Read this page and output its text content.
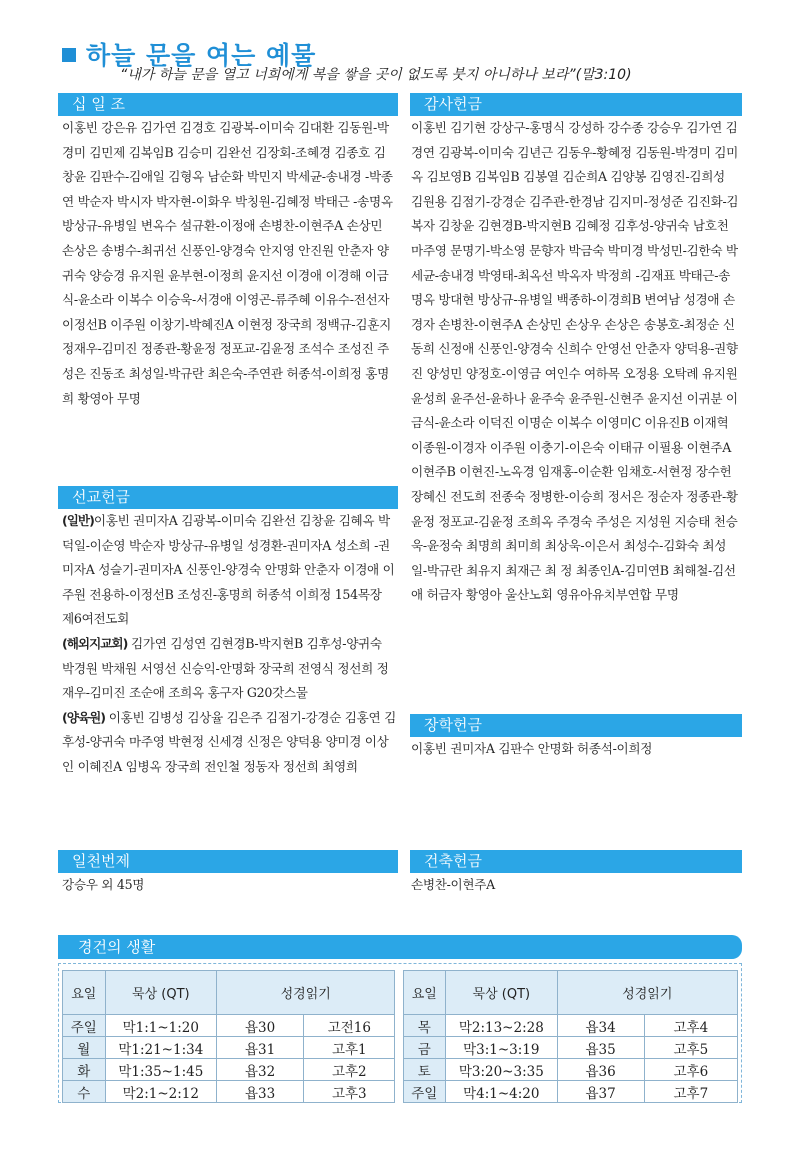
하늘 문을 여는 예물
“내가 하늘 문을 열고 너희에게 복을 쌓을 곳이 없도록 붓지 아니하나 보라”(말3:10)
십 일 조
이홍빈 강은유 김가연 김경호 김광복-이미숙 김대환 김동원-박경미 김민제 김복임B 김승미 김완선 김장회-조혜경 김종호 김창윤 김판수-김애일 김형옥 남순화 박민지 박세균-송내경 -박종연 박순자 박시자 박자현-이화우 박칭원-김혜정 박태근 -송명옥 방상규-유병일 변옥수 설규환-이정애 손병찬-이현주A 손상민 손상은 송병수-최귀선 신풍인-양경숙 안지영 안진원 안춘자 양귀숙 양승경 유지원 윤부현-이정희 윤지선 이경애 이경해 이금식-윤소라 이복수 이승욱-서경애 이영곤-류주혜 이유수-전선자 이정선B 이주원 이창기-박혜진A 이현정 장국희 정백규-김훈지 정재우-김미진 정종관-황윤정 정포교-김윤정 조석수 조성진 주성은 진동조 최성일-박규란 최은숙-주연관 허종석-이희정 홍명희 황영아 무명
감사헌금
이홍빈 김기현 강상구-홍명식 강성하 강수종 강승우 김가연 김경연 김광복-이미숙 김년근 김동우-황혜정 김동원-박경미 김미옥 김보영B 김복임B 김봉열 김순희A 김양봉 김영진-김희성 김원용 김점기-강경순 김주관-한경남 김지미-정성준 김진화-김복자 김창윤 김현경B-박지현B 김혜정 김후성-양귀숙 남호천 마주영 문명기-박소영 문향자 박금숙 박미경 박성민-김한숙 박세균-송내경 박영태-최옥선 박옥자 박정희 -김재표 박태근-송명옥 방대현 방상규-유병일 백종하-이경희B 변여남 성경애 손경자 손병찬-이현주A 손상민 손상우 손상은 송봉호-최정순 신동희 신정애 신풍인-양경숙 신희수 안영선 안춘자 양덕용-권향진 양성민 양정호-이영금 여인수 여하목 오정용 오탁례 유지원 윤성희 윤주선-윤하나 윤주숙 윤주원-신현주 윤지선 이귀분 이금식-윤소라 이덕진 이명순 이복수 이영미C 이유진B 이재혁 이종원-이경자 이주원 이충기-이은숙 이태규 이필용 이현주A 이현주B 이현진-노옥경 임재홍-이순환 임채호-서현정 장수헌 장혜신 전도희 전종숙 정병한-이승희 정서은 정순자 정종관-황윤정 정포교-김윤정 조희옥 주경숙 주성은 지성원 지승태 천승욱-윤정숙 최명희 최미희 최상욱-이은서 최성수-김화숙 최성일-박규란 최유지 최재근 최 정 최종인A-김미연B 최해철-김선애 허금자 황영아 울산노회 영유아유치부연합 무명
선교헌금
(일반)이홍빈 권미자A 김광복-이미숙 김완선 김창윤 김혜옥 박덕일-이순영 박순자 방상규-유병일 성경환-권미자A 성소희 -권미자A 성슬기-권미자A 신풍인-양경숙 안명화 안춘자 이경애 이주원 전용하-이정선B 조성진-홍명희 허종석 이희정 154목장 제6여전도회
(해외지교회) 김가연 김성연 김현경B-박지현B 김후성-양귀숙 박경원 박채원 서영선 신승익-안명화 장국희 전영식 정선희 정재우-김미진 조순애 조희옥 홍구자 G20갓스물
(양육원) 이홍빈 김병성 김상율 김은주 김점기-강경순 김홍연 김후성-양귀숙 마주영 박현정 신세경 신정은 양덕용 양미경 이상인 이혜진A 임병옥 장국희 전인철 정동자 정선희 최영희
장학헌금
이홍빈 권미자A 김판수 안명화 허종석-이희정
일천번제
강승우 외 45명
건축헌금
손병찬-이현주A
경건의 생활
요일	묵상 (QT)	성경읽기			요일	묵상 (QT)	성경읽기	
주일	막1:1~1:20	욥30	고전16		목	막2:13~2:28	욥34	고후4
월	막1:21~1:34	욥31	고후1		금	막3:1~3:19	욥35	고후5
화	막1:35~1:45	욥32	고후2		토	막3:20~3:35	욥36	고후6
수	막2:1~2:12	욥33	고후3		주일	막4:1~4:20	욥37	고후7
